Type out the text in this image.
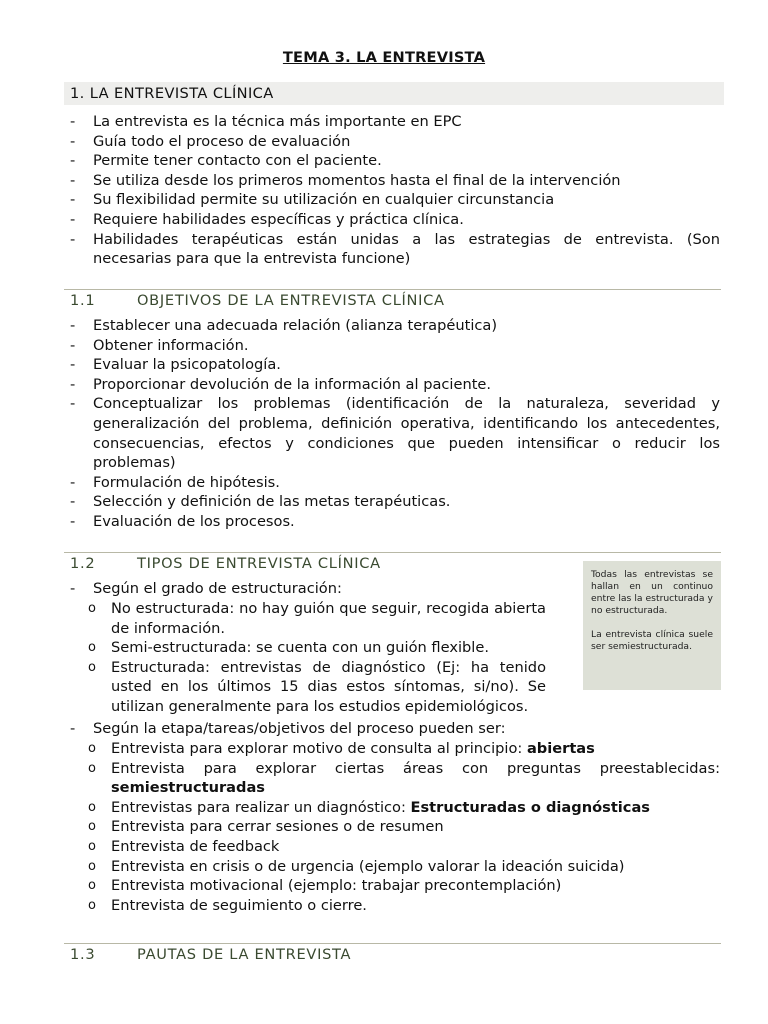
TEMA 3. LA ENTREVISTA
1. LA ENTREVISTA CLÍNICA
- La entrevista es la técnica más importante en EPC
- Guía todo el proceso de evaluación
- Permite tener contacto con el paciente.
- Se utiliza desde los primeros momentos hasta el final de la intervención
- Su flexibilidad permite su utilización en cualquier circunstancia
- Requiere habilidades específicas y práctica clínica.
- Habilidades terapéuticas están unidas a las estrategias de entrevista. (Son necesarias para que la entrevista funcione)
1.1	OBJETIVOS DE LA ENTREVISTA CLÍNICA
- Establecer una adecuada relación (alianza terapéutica)
- Obtener información.
- Evaluar la psicopatología.
- Proporcionar devolución de la información al paciente.
- Conceptualizar los problemas (identificación de la naturaleza, severidad y generalización del problema, definición operativa, identificando los antecedentes, consecuencias, efectos y condiciones que pueden intensificar o reducir los problemas)
- Formulación de hipótesis.
- Selección y definición de las metas terapéuticas.
- Evaluación de los procesos.
1.2	TIPOS DE ENTREVISTA CLÍNICA

Todas las entrevistas se hallan en un continuo entre las la estructurada y no estructurada.

La entrevista clínica suele ser semiestructurada.

- Según el grado de estructuración:
o No estructurada: no hay guión que seguir, recogida abierta de información.
o Semi-estructurada: se cuenta con un guión flexible.
o Estructurada: entrevistas de diagnóstico (Ej: ha tenido usted en los últimos 15 dias estos síntomas, si/no). Se utilizan generalmente para los estudios epidemiológicos.
- Según la etapa/tareas/objetivos del proceso pueden ser:
o Entrevista para explorar motivo de consulta al principio: abiertas
o Entrevista para explorar ciertas áreas con preguntas preestablecidas: semiestructuradas
o Entrevistas para realizar un diagnóstico: Estructuradas o diagnósticas
o Entrevista para cerrar sesiones o de resumen
o Entrevista de feedback
o Entrevista en crisis o de urgencia (ejemplo valorar la ideación suicida)
o Entrevista motivacional (ejemplo: trabajar precontemplación)
o Entrevista de seguimiento o cierre.
1.3	PAUTAS DE LA ENTREVISTA
